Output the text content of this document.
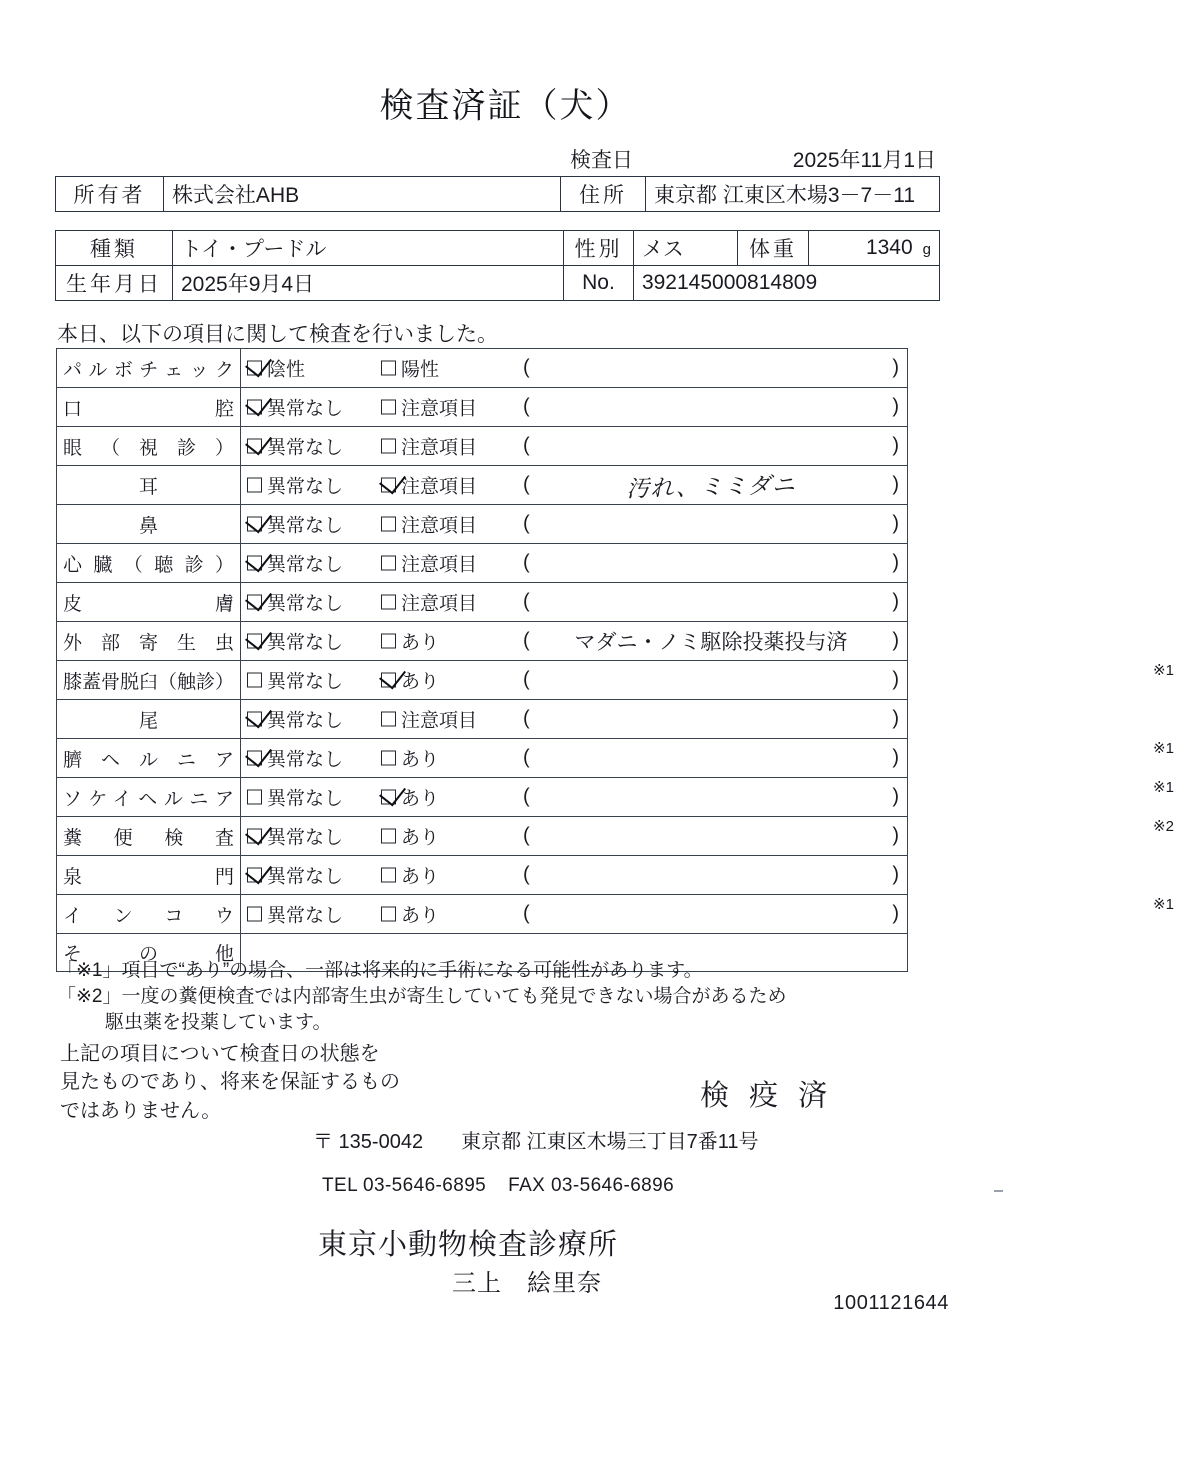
検査済証（犬）
検査日	2025年11月1日
所有者	株式会社AHB	住所	東京都 江東区木場3－7－11
種類	トイ・プードル	性別	メス	体重	1340 g

生年月日	2025年9月4日	No.	392145000814809		
本日、以下の項目に関して検査を行いました。
パルボチェック	陰性 陽性 ( )

口　　　　腔	異常なし 注意項目 ( )

眼（視診）	異常なし 注意項目 ( )

耳	異常なし 注意項目 ( 汚れ、ミミダニ )

鼻	異常なし 注意項目 ( )

心臓（聴診）	異常なし 注意項目 ( )

皮　　　　膚	異常なし 注意項目 ( )

外部寄生虫	異常なし あり ( マダニ・ノミ駆除投薬投与済 )

膝蓋骨脱臼（触診）	異常なし あり ( ) ※1

尾	異常なし 注意項目 ( )

臍ヘルニア	異常なし あり ( ) ※1

ソケイヘルニア	異常なし あり ( ) ※1

糞便検査	異常なし あり ( ) ※2

泉　　　　門	異常なし あり ( )

インコウ	異常なし あり ( ) ※1

そ　の　他	

「※1」項目で“あり”の場合、一部は将来的に手術になる可能性があります。
「※2」一度の糞便検査では内部寄生虫が寄生していても発見できない場合があるため
駆虫薬を投薬しています。
上記の項目について検査日の状態を
見たものであり、将来を保証するもの
ではありません。	検 疫 済
〒 135-0042 東京都 江東区木場三丁目7番11号
TEL 03-5646-6895 FAX 03-5646-6896
東京小動物検査診療所
三上　絵里奈
1001121644
